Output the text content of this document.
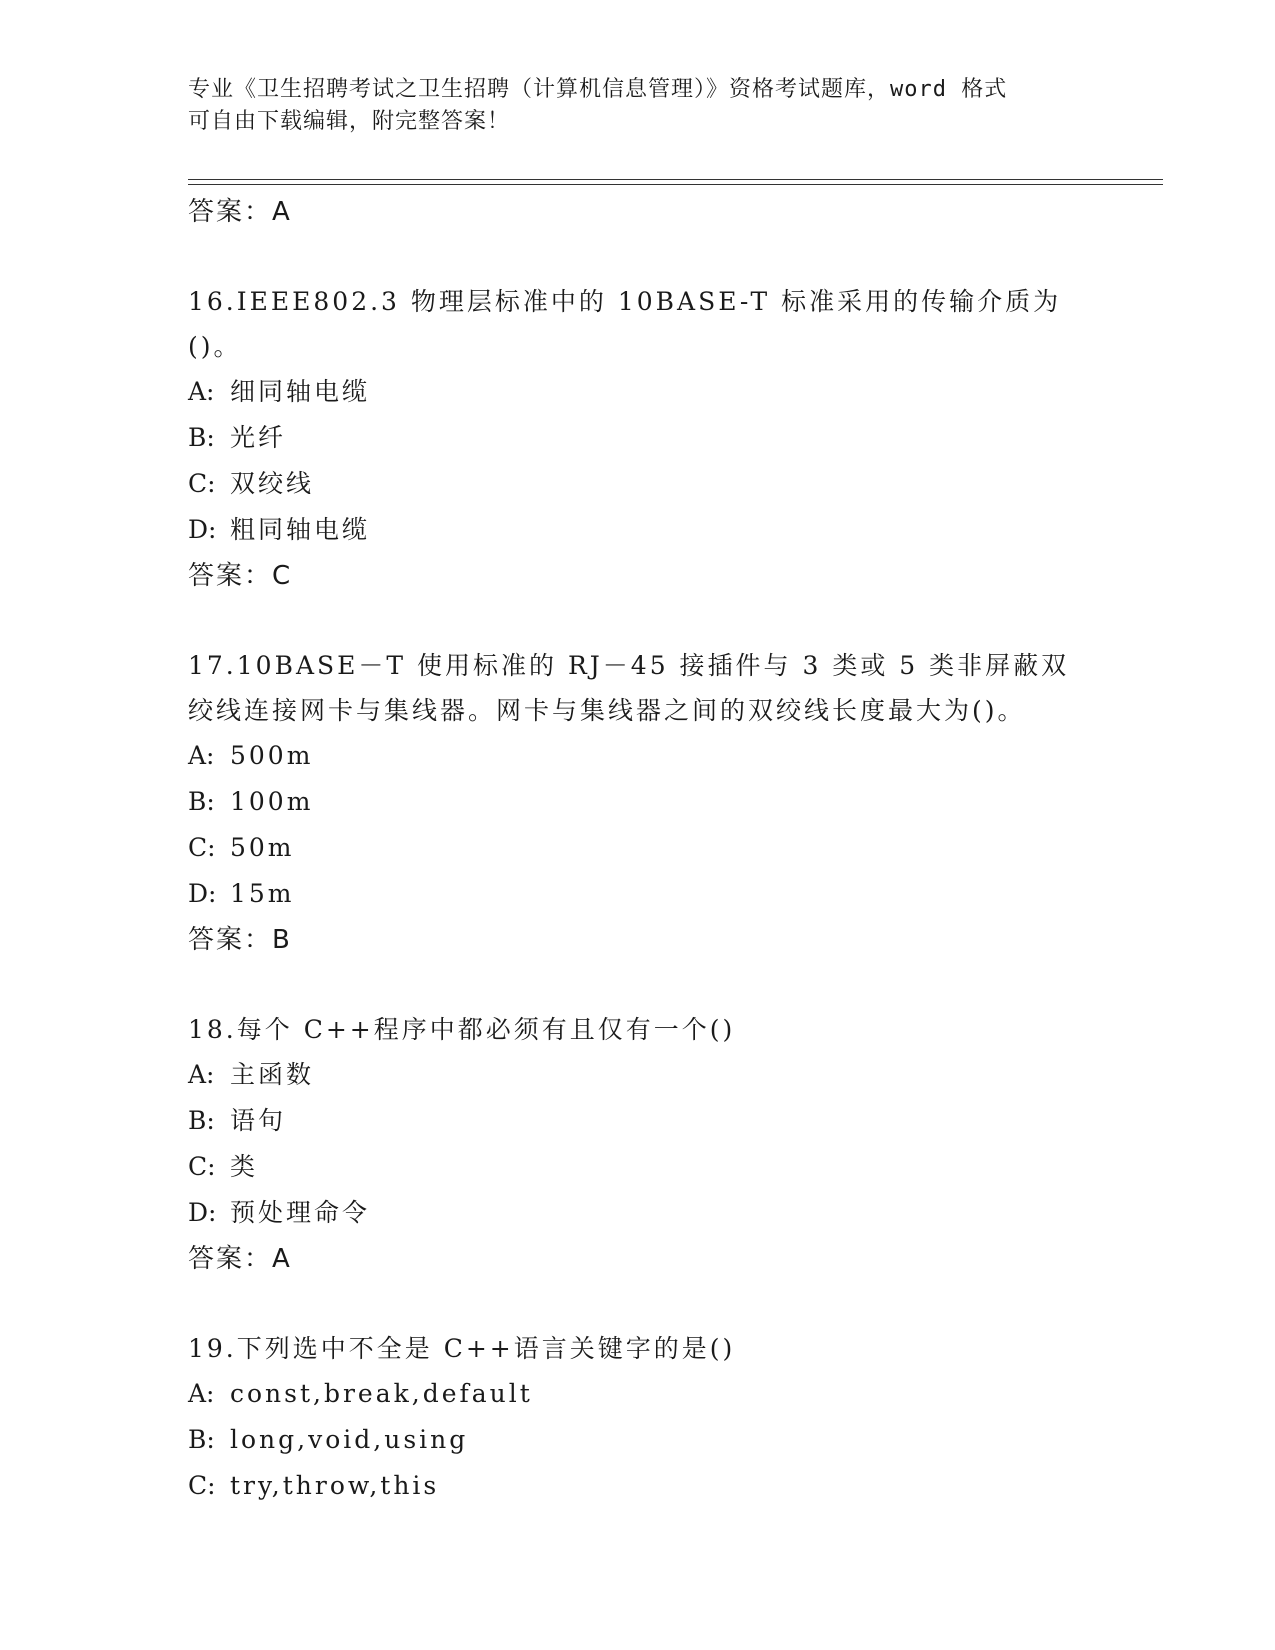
专业《卫生招聘考试之卫生招聘（计算机信息管理）》资格考试题库，word 格式
可自由下载编辑，附完整答案！
答案：A
16.IEEE802.3 物理层标准中的 10BASE-T 标准采用的传输介质为()。
A: 细同轴电缆
B: 光纤
C: 双绞线
D: 粗同轴电缆
答案：C
17.10BASE－T 使用标准的 RJ－45 接插件与 3 类或 5 类非屏蔽双绞线连接网卡与集线器。网卡与集线器之间的双绞线长度最大为()。
A: 500m
B: 100m
C: 50m
D: 15m
答案：B
18.每个 C++程序中都必须有且仅有一个()
A: 主函数
B: 语句
C: 类
D: 预处理命令
答案：A
19.下列选中不全是 C++语言关键字的是()
A: const,break,default
B: long,void,using
C: try,throw,this
